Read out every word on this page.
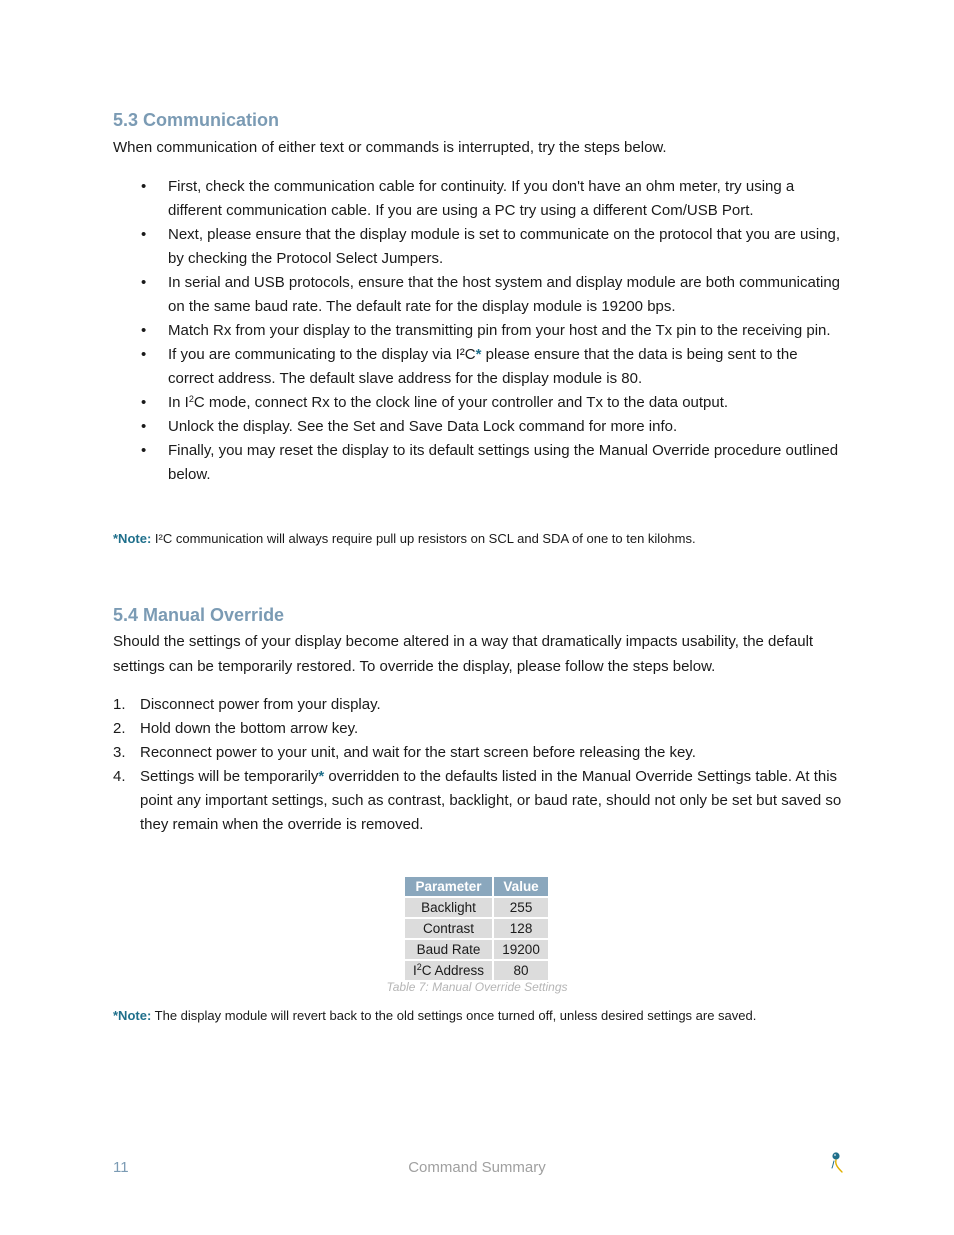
5.3 Communication

When communication of either text or commands is interrupted, try the steps below.

• First, check the communication cable for continuity. If you don't have an ohm meter, try using a different communication cable. If you are using a PC try using a different Com/USB Port.
• Next, please ensure that the display module is set to communicate on the protocol that you are using, by checking the Protocol Select Jumpers.
• In serial and USB protocols, ensure that the host system and display module are both communicating on the same baud rate. The default rate for the display module is 19200 bps.
• Match Rx from your display to the transmitting pin from your host and the Tx pin to the receiving pin.
• If you are communicating to the display via I²C* please ensure that the data is being sent to the correct address. The default slave address for the display module is 80.
• In $I^2C$ mode, connect Rx to the clock line of your controller and Tx to the data output.
• Unlock the display. See the Set and Save Data Lock command for more info.
• Finally, you may reset the display to its default settings using the Manual Override procedure outlined below.

*Note: I²C communication will always require pull up resistors on SCL and SDA of one to ten kilohms.

5.4 Manual Override

Should the settings of your display become altered in a way that dramatically impacts usability, the default settings can be temporarily restored. To override the display, please follow the steps below.

1. Disconnect power from your display.
2. Hold down the bottom arrow key.
3. Reconnect power to your unit, and wait for the start screen before releasing the key.
4. Settings will be temporarily* overridden to the defaults listed in the Manual Override Settings table. At this point any important settings, such as contrast, backlight, or baud rate, should not only be set but saved so they remain when the override is removed.
Parameter	Value
Backlight	255
Contrast	128
Baud Rate	19200
$I^2C$ Address	80

Table 7: Manual Override Settings

*Note: The display module will revert back to the old settings once turned off, unless desired settings are saved.

11	Command Summary
